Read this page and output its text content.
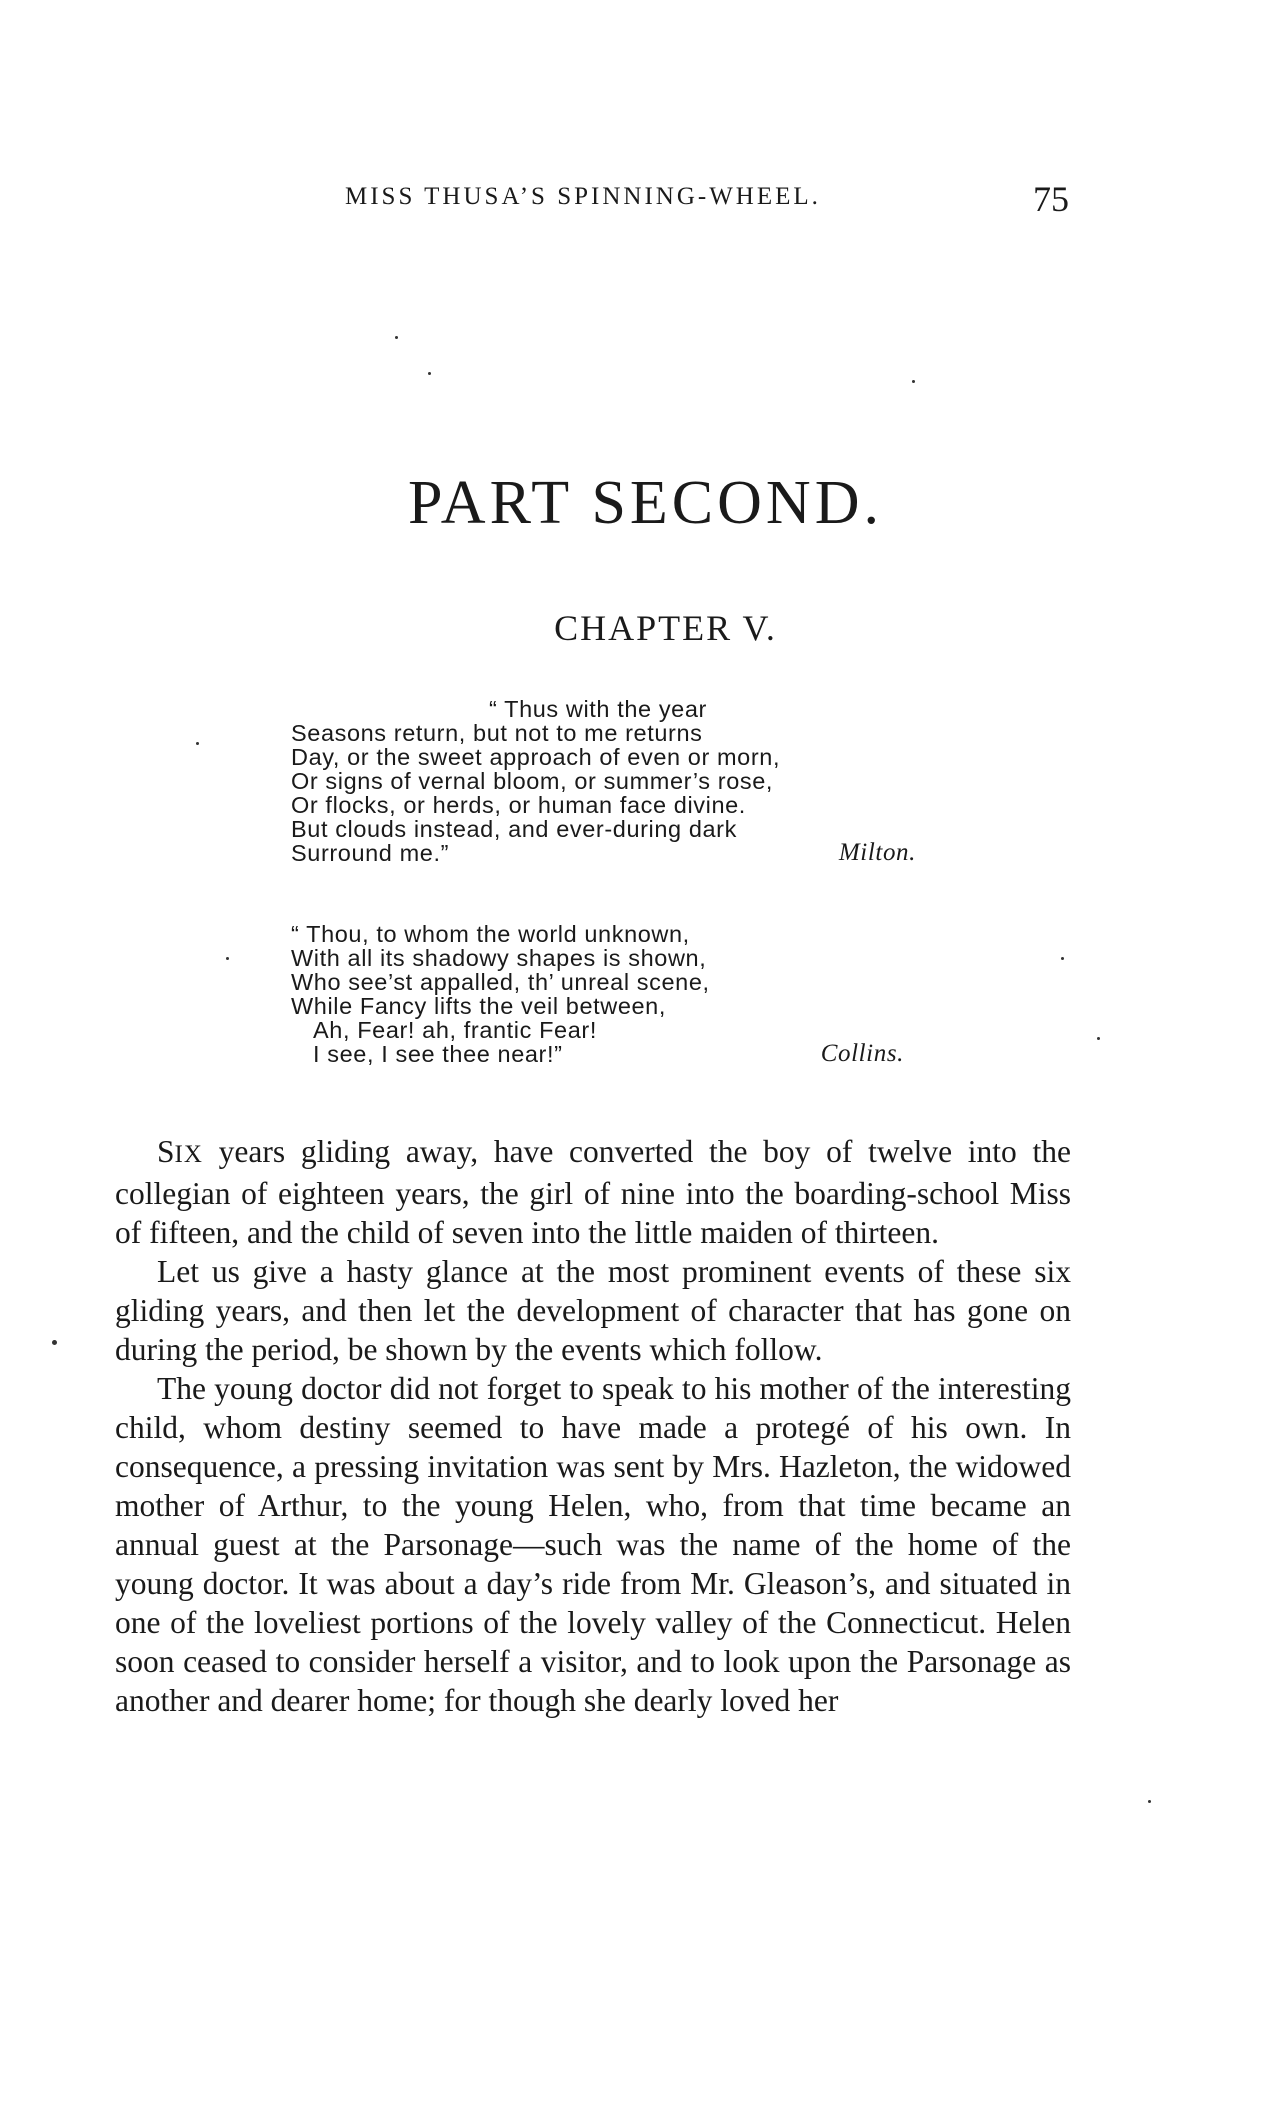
MISS THUSA’S SPINNING-WHEEL.	75
PART SECOND.
CHAPTER V.
“ Thus with the year
Seasons return, but not to me returns
Day, or the sweet approach of even or morn,
Or signs of vernal bloom, or summer’s rose,
Or flocks, or herds, or human face divine.
But clouds instead, and ever-during dark
Surround me.”	Milton.
“ Thou, to whom the world unknown,
With all its shadowy shapes is shown,
Who see’st appalled, th’ unreal scene,
While Fancy lifts the veil between,
Ah, Fear! ah, frantic Fear!
I see, I see thee near!”	Collins.

SIX years gliding away, have converted the boy of twelve into the collegian of eighteen years, the girl of nine into the boarding-school Miss of fifteen, and the child of seven into the little maiden of thirteen.

Let us give a hasty glance at the most prominent events of these six gliding years, and then let the development of character that has gone on during the period, be shown by the events which follow.

The young doctor did not forget to speak to his mother of the interesting child, whom destiny seemed to have made a protegé of his own. In consequence, a pressing invitation was sent by Mrs. Hazleton, the widowed mother of Arthur, to the young Helen, who, from that time became an annual guest at the Parsonage—such was the name of the home of the young doctor. It was about a day’s ride from Mr. Gleason’s, and situated in one of the loveliest portions of the lovely valley of the Connecticut. Helen soon ceased to consider herself a visitor, and to look upon the Parsonage as another and dearer home; for though she dearly loved her
